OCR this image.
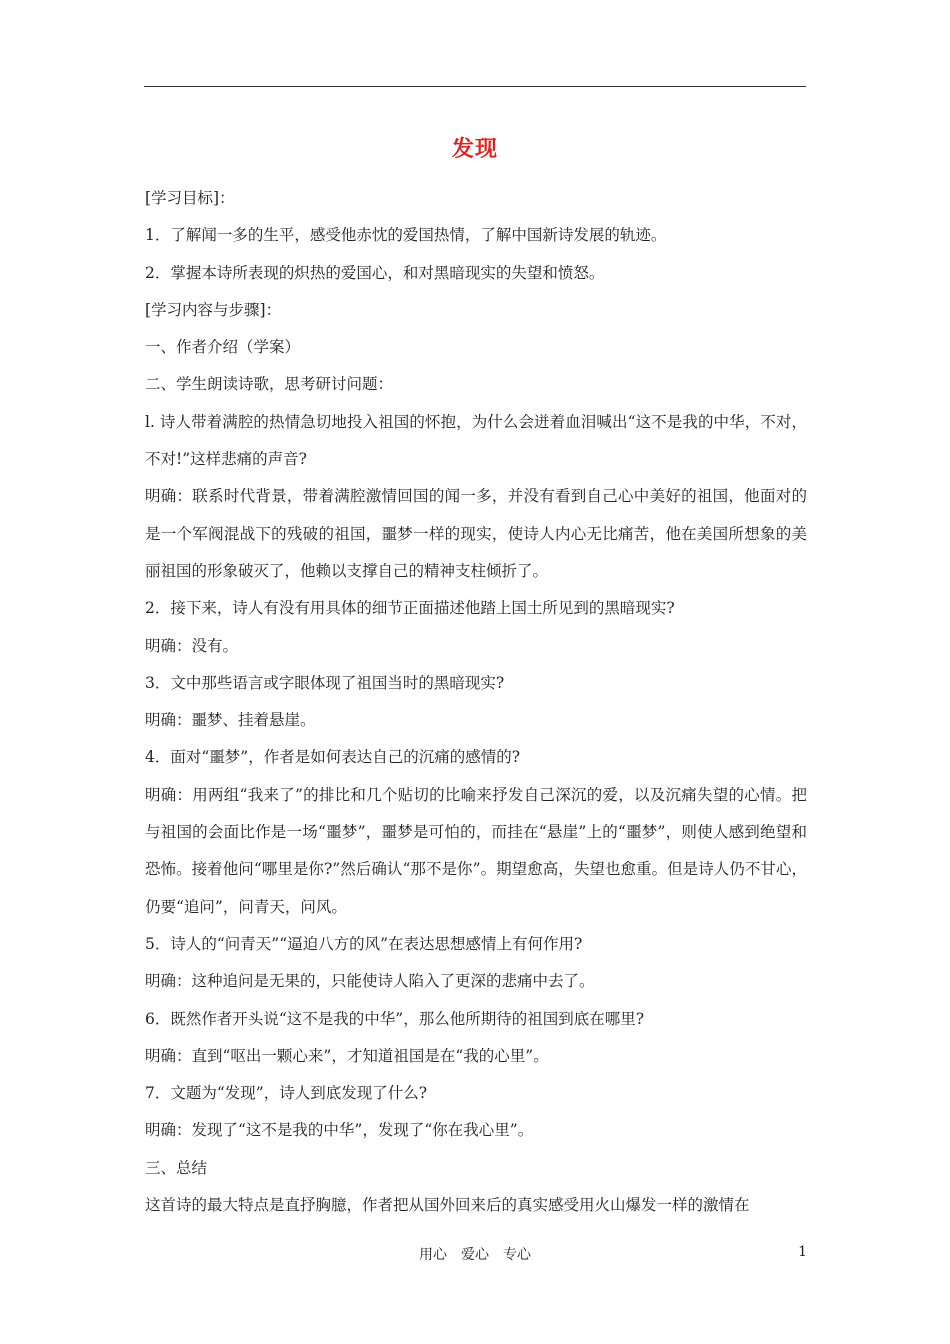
发现

[学习目标]：

1．了解闻一多的生平，感受他赤忱的爱国热情，了解中国新诗发展的轨迹。

2．掌握本诗所表现的炽热的爱国心，和对黑暗现实的失望和愤怒。

[学习内容与步骤]：

一、作者介绍（学案）

二、学生朗读诗歌，思考研讨问题：

l. 诗人带着满腔的热情急切地投入祖国的怀抱，为什么会迸着血泪喊出“这不是我的中华，不对，不对!”这样悲痛的声音?

明确：联系时代背景，带着满腔激情回国的闻一多，并没有看到自己心中美好的祖国，他面对的是一个军阀混战下的残破的祖国，噩梦一样的现实，使诗人内心无比痛苦，他在美国所想象的美丽祖国的形象破灭了，他赖以支撑自己的精神支柱倾折了。

2．接下来，诗人有没有用具体的细节正面描述他踏上国土所见到的黑暗现实?

明确：没有。

3．文中那些语言或字眼体现了祖国当时的黑暗现实?

明确：噩梦、挂着悬崖。

4．面对“噩梦”，作者是如何表达自己的沉痛的感情的?

明确：用两组“我来了”的排比和几个贴切的比喻来抒发自己深沉的爱，以及沉痛失望的心情。把与祖国的会面比作是一场“噩梦”，噩梦是可怕的，而挂在“悬崖”上的“噩梦”，则使人感到绝望和恐怖。接着他问“哪里是你?”然后确认“那不是你”。期望愈高，失望也愈重。但是诗人仍不甘心，仍要“追问”，问青天，问风。

5．诗人的“问青天”“逼迫八方的风”在表达思想感情上有何作用?

明确：这种追问是无果的，只能使诗人陷入了更深的悲痛中去了。

6．既然作者开头说“这不是我的中华”，那么他所期待的祖国到底在哪里?

明确：直到“呕出一颗心来”，才知道祖国是在“我的心里”。

7．文题为“发现”，诗人到底发现了什么?

明确：发现了“这不是我的中华”，发现了“你在我心里”。

三、总结

这首诗的最大特点是直抒胸臆，作者把从国外回来后的真实感受用火山爆发一样的激情在

用心　爱心　专心	1
